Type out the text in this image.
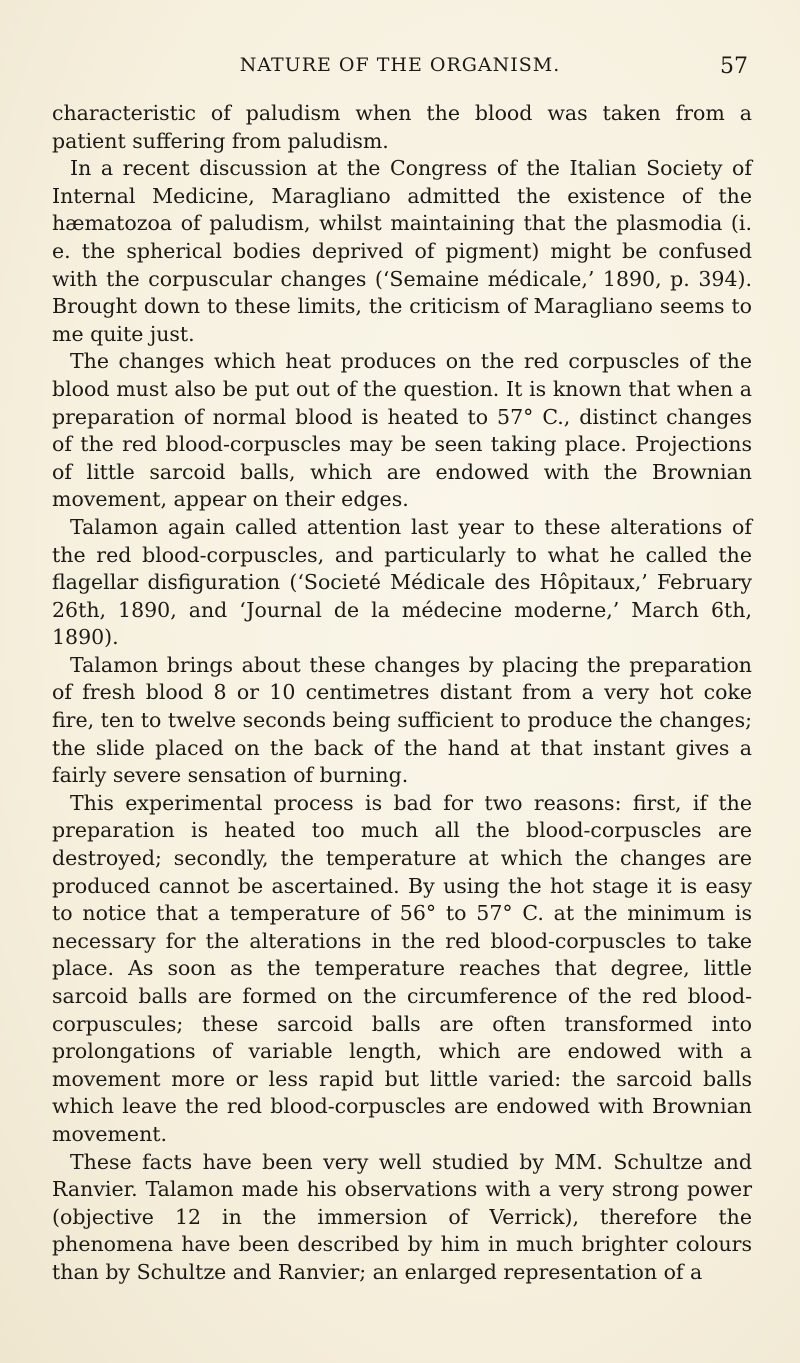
NATURE OF THE ORGANISM.	57

characteristic of paludism when the blood was taken from a patient suffering from paludism.

In a recent discussion at the Congress of the Italian Society of Internal Medicine, Maragliano admitted the existence of the hæmatozoa of paludism, whilst maintaining that the plasmodia (i. e. the spherical bodies deprived of pigment) might be confused with the corpuscular changes (‘Semaine médicale,’ 1890, p. 394). Brought down to these limits, the criticism of Maragliano seems to me quite just.

The changes which heat produces on the red corpuscles of the blood must also be put out of the question. It is known that when a preparation of normal blood is heated to 57° C., distinct changes of the red blood-corpuscles may be seen taking place. Projections of little sarcoid balls, which are endowed with the Brownian movement, appear on their edges.

Talamon again called attention last year to these alterations of the red blood-corpuscles, and particularly to what he called the flagellar disfiguration (‘Societé Médicale des Hôpitaux,’ February 26th, 1890, and ‘Journal de la médecine moderne,’ March 6th, 1890).

Talamon brings about these changes by placing the preparation of fresh blood 8 or 10 centimetres distant from a very hot coke fire, ten to twelve seconds being sufficient to produce the changes; the slide placed on the back of the hand at that instant gives a fairly severe sensation of burning.

This experimental process is bad for two reasons: first, if the preparation is heated too much all the blood-corpuscles are destroyed; secondly, the temperature at which the changes are produced cannot be ascertained. By using the hot stage it is easy to notice that a temperature of 56° to 57° C. at the minimum is necessary for the alterations in the red blood-corpuscles to take place. As soon as the temperature reaches that degree, little sarcoid balls are formed on the circumference of the red blood-corpuscules; these sarcoid balls are often transformed into prolongations of variable length, which are endowed with a movement more or less rapid but little varied: the sarcoid balls which leave the red blood-corpuscles are endowed with Brownian movement.

These facts have been very well studied by MM. Schultze and Ranvier. Talamon made his observations with a very strong power (objective 12 in the immersion of Verrick), therefore the phenomena have been described by him in much brighter colours than by Schultze and Ranvier; an enlarged representation of a
